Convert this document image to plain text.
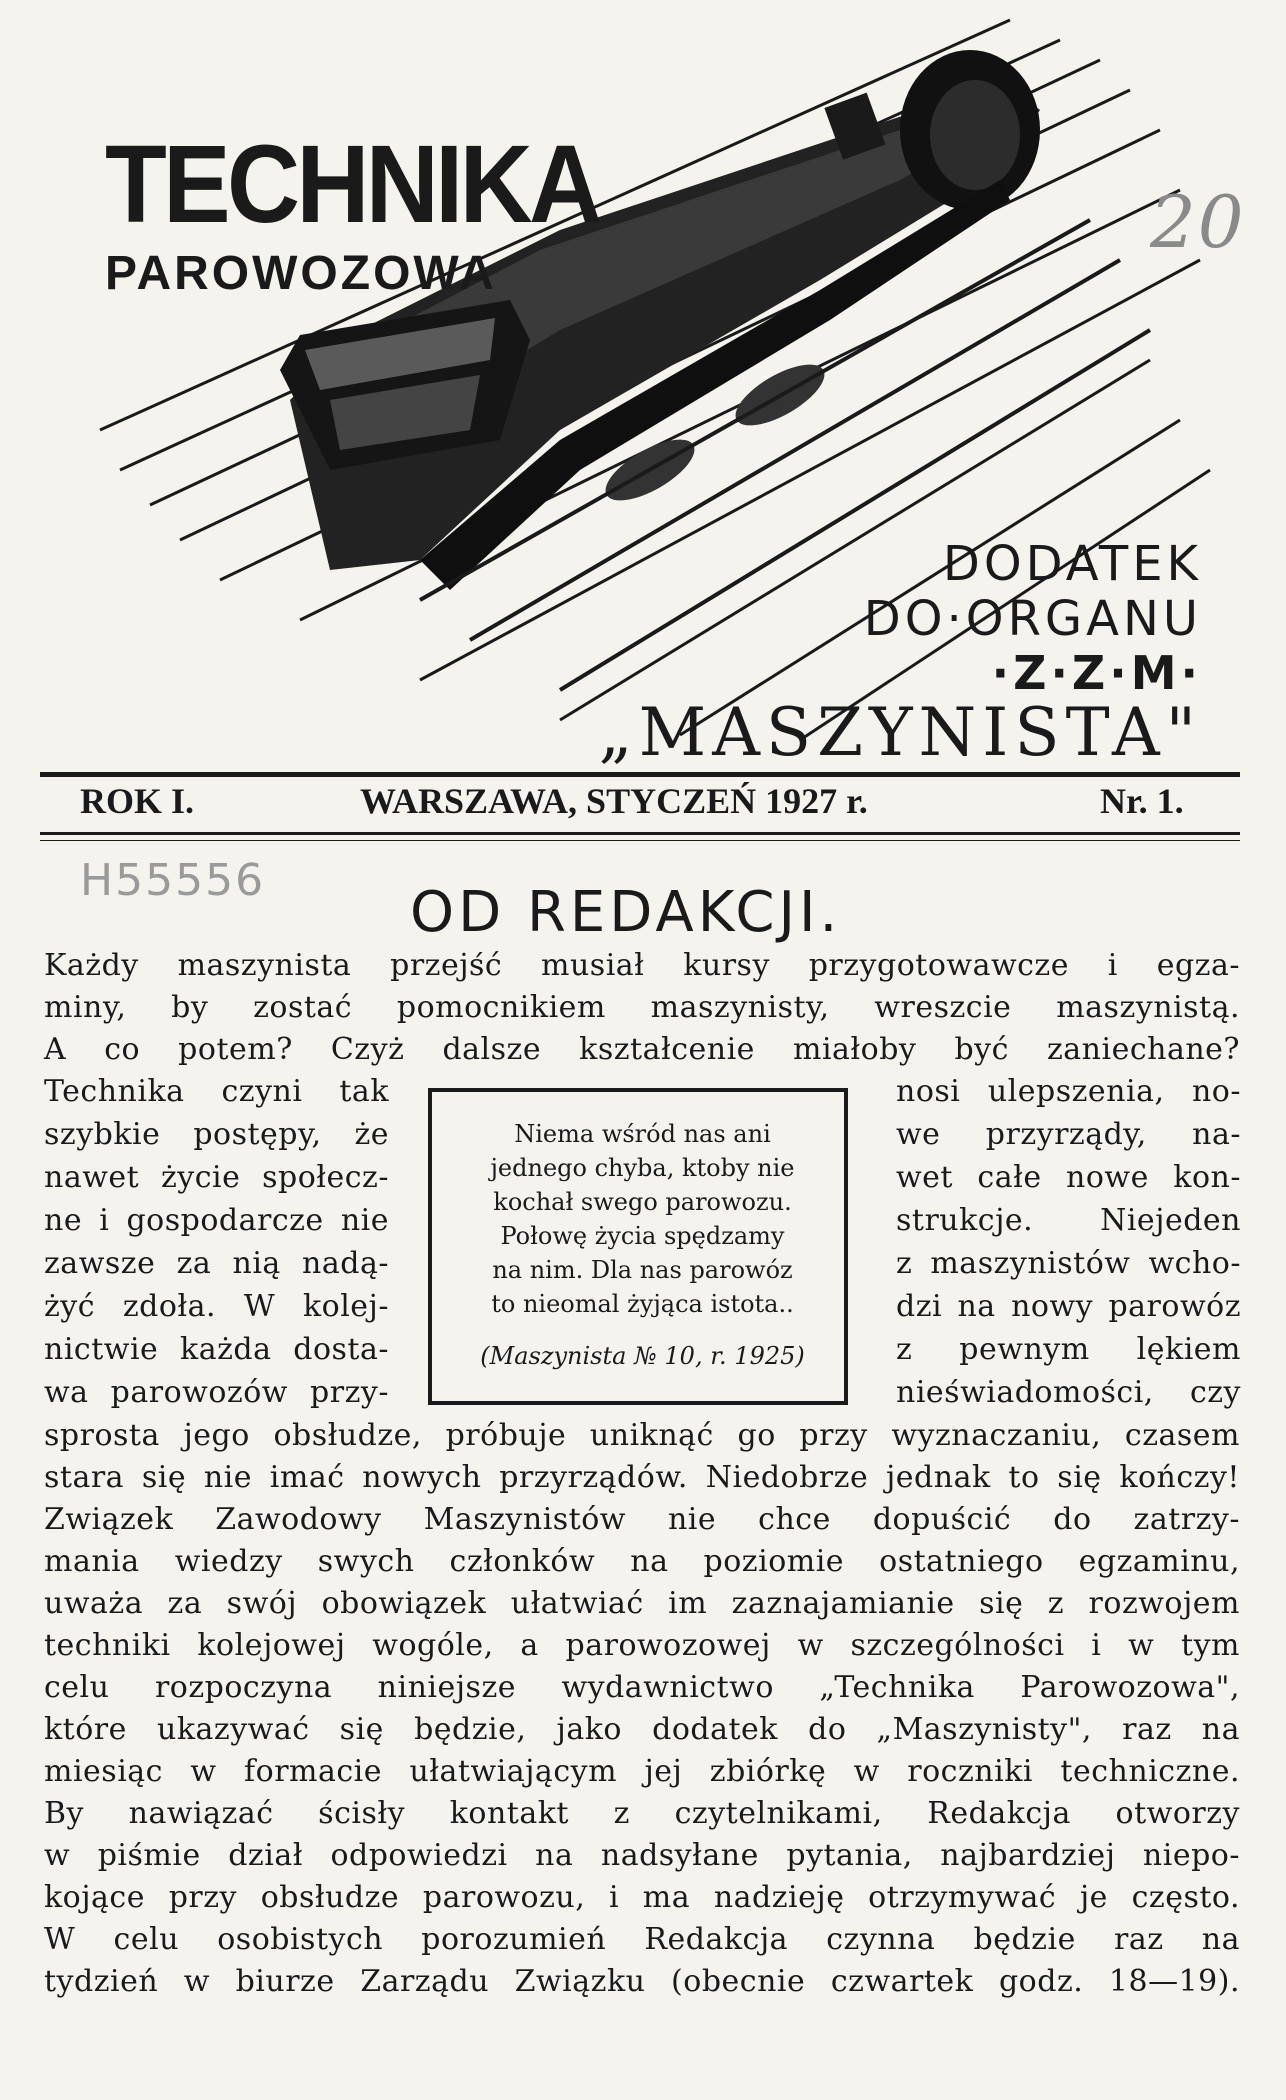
TECHNIKA
PAROWOZOWA
20
DODATEK
DO·ORGANU
·Z·Z·M·
„MASZYNISTA"
ROK I.	WARSZAWA, STYCZEŃ 1927 r.	Nr. 1.
H55556	OD REDAKCJI.
Każdy maszynista przejść musiał kursy przygotowawcze i egza-
miny, by zostać pomocnikiem maszynisty, wreszcie maszynistą.
A co potem? Czyż dalsze kształcenie miałoby być zaniechane?
Technika czyni tak
szybkie postępy, że
nawet życie społecz-
ne i gospodarcze nie
zawsze za nią nadą-
żyć zdoła. W kolej-
nictwie każda dosta-
wa parowozów przy-
Niema wśród nas ani
jednego chyba, ktoby nie
kochał swego parowozu.
Połowę życia spędzamy
na nim. Dla nas parowóz
to nieomal żyjąca istota..
(Maszynista № 10, r. 1925)
nosi ulepszenia, no-
we przyrządy, na-
wet całe nowe kon-
strukcje. Niejeden
z maszynistów wcho-
dzi na nowy parowóz
z pewnym lękiem
nieświadomości, czy
sprosta jego obsłudze, próbuje uniknąć go przy wyznaczaniu, czasem
stara się nie imać nowych przyrządów. Niedobrze jednak to się kończy!
Związek Zawodowy Maszynistów nie chce dopuścić do zatrzy-
mania wiedzy swych członków na poziomie ostatniego egzaminu,
uważa za swój obowiązek ułatwiać im zaznajamianie się z rozwojem
techniki kolejowej wogóle, a parowozowej w szczególności i w tym
celu rozpoczyna niniejsze wydawnictwo „Technika Parowozowa",
które ukazywać się będzie, jako dodatek do „Maszynisty", raz na
miesiąc w formacie ułatwiającym jej zbiórkę w roczniki techniczne.
By nawiązać ścisły kontakt z czytelnikami, Redakcja otworzy
w piśmie dział odpowiedzi na nadsyłane pytania, najbardziej niepo-
kojące przy obsłudze parowozu, i ma nadzieję otrzymywać je często.
W celu osobistych porozumień Redakcja czynna będzie raz na
tydzień w biurze Zarządu Związku (obecnie czwartek godz. 18—19).
